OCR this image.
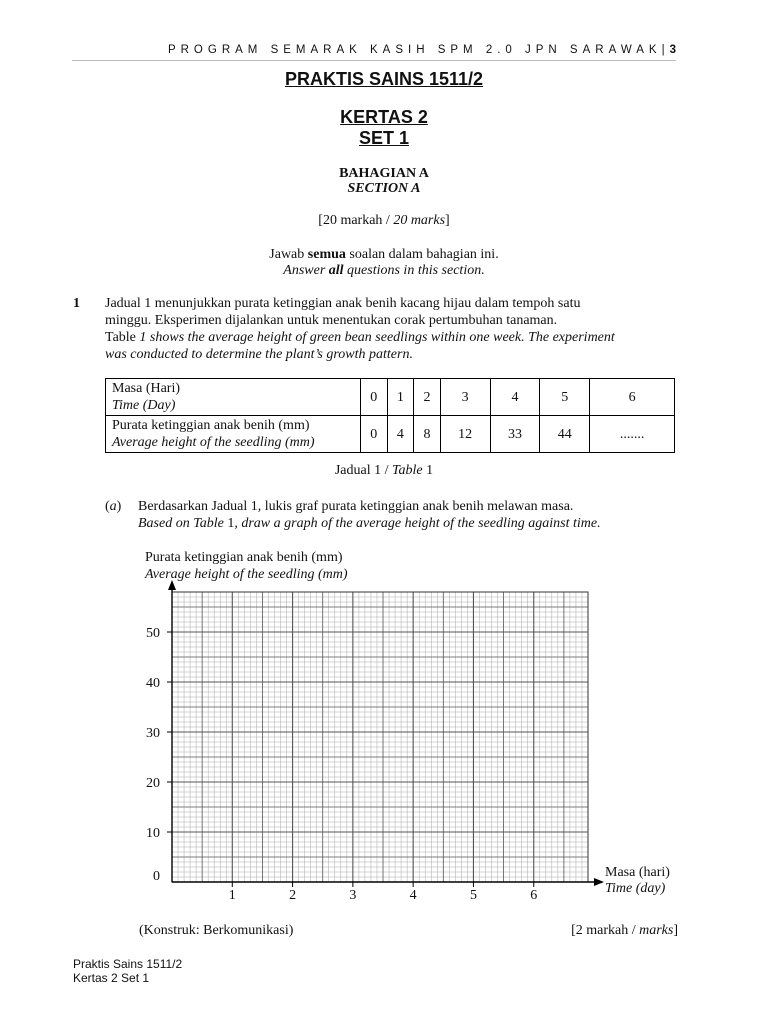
PROGRAM SEMARAK KASIH SPM 2.0 JPN SARAWAK|3
PRAKTIS SAINS 1511/2
KERTAS 2
SET 1
BAHAGIAN A
SECTION A
[20 markah / 20 marks]
Jawab semua soalan dalam bahagian ini.
Answer all questions in this section.
1 Jadual 1 menunjukkan purata ketinggian anak benih kacang hijau dalam tempoh satu
minggu. Eksperimen dijalankan untuk menentukan corak pertumbuhan tanaman.
Table 1 shows the average height of green bean seedlings within one week. The experiment
was conducted to determine the plant’s growth pattern.
Masa (Hari)
Time (Day)	0	1	2	3	4	5	6

Purata ketinggian anak benih (mm)
Average height of the seedling (mm)	0	4	8	12	33	44	.......
Jadual 1 / Table 1
(a) Berdasarkan Jadual 1, lukis graf purata ketinggian anak benih melawan masa.
Based on Table 1, draw a graph of the average height of the seedling against time.
0
10
20
30
40
50
1	2	3	4	5	6
Purata ketinggian anak benih (mm)
Average height of the seedling (mm)
Masa (hari)
Time (day)
(Konstruk: Berkomunikasi)	[2 markah / marks]
Praktis Sains 1511/2
Kertas 2 Set 1
